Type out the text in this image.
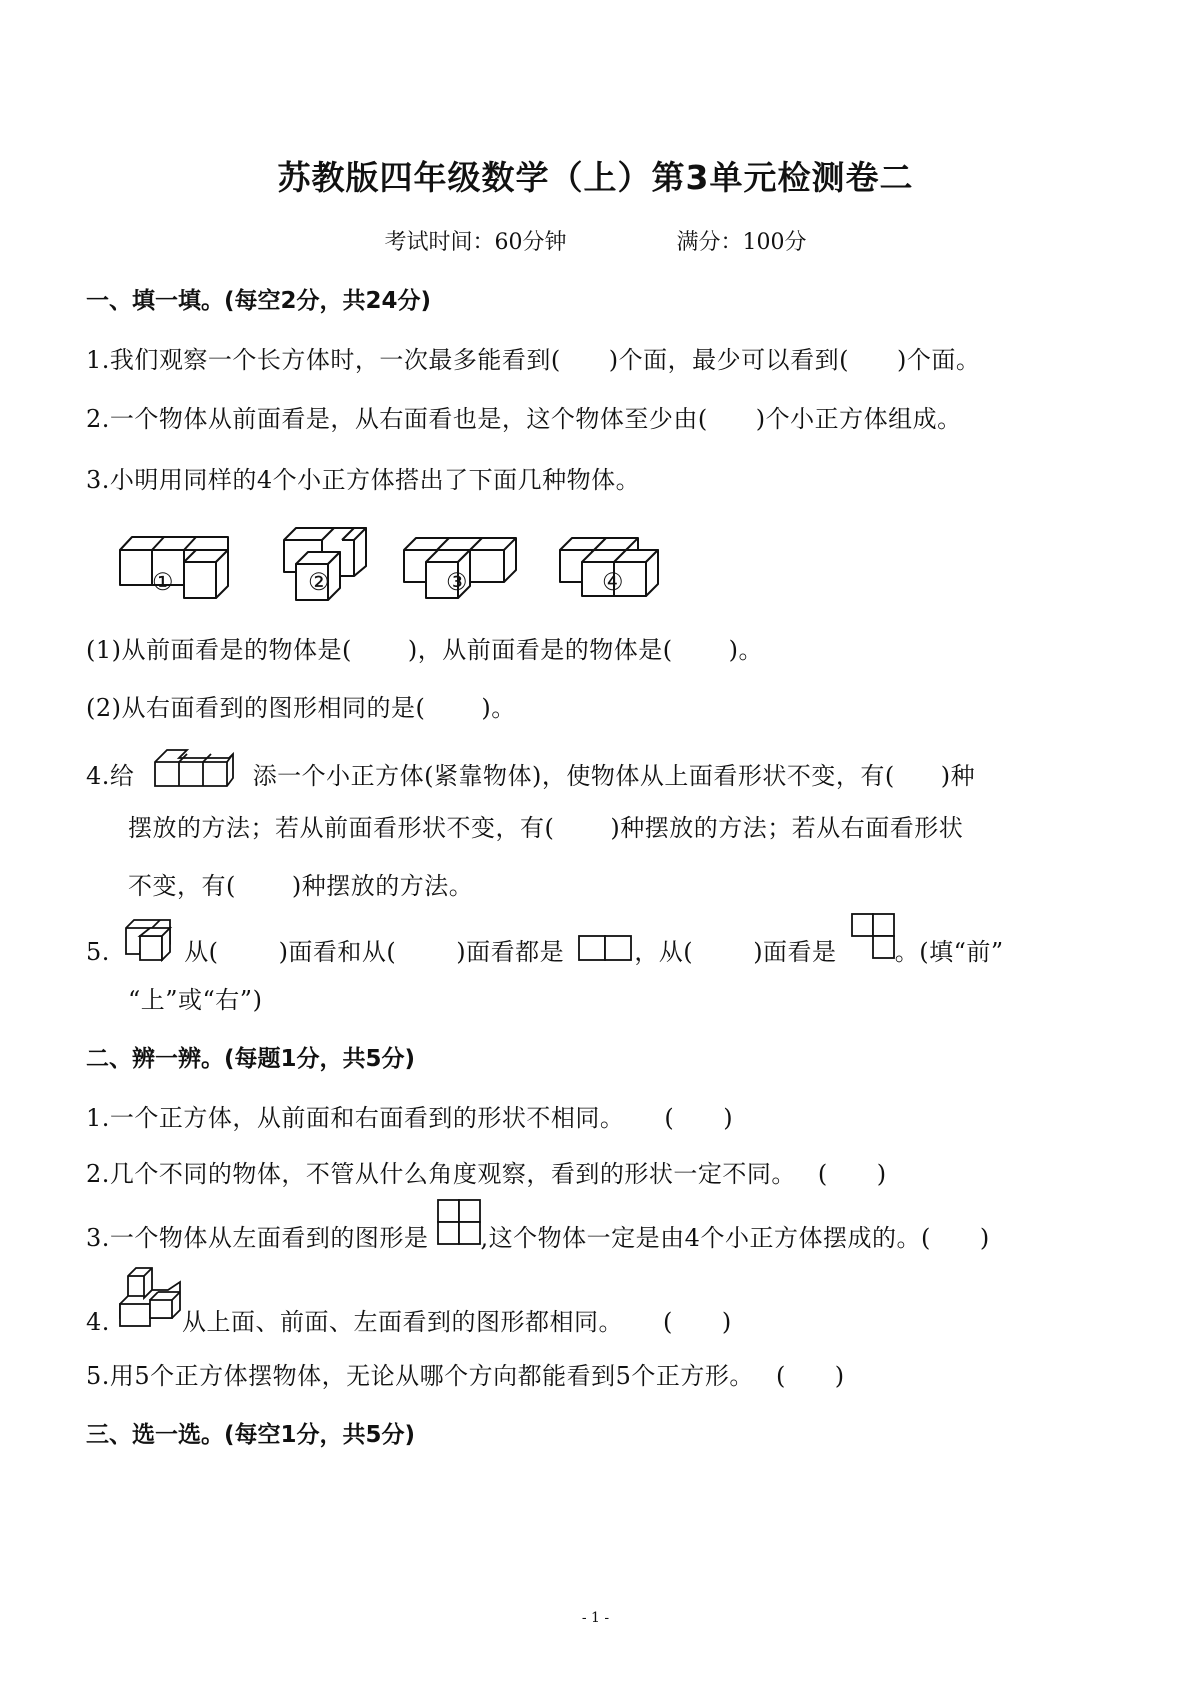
苏教版四年级数学（上）第3单元检测卷二
考试时间：60分钟	满分：100分
一、填一填。(每空2分，共24分)
1.我们观察一个长方体时，一次最多能看到( )个面，最少可以看到( )个面。
2.一个物体从前面看是，从右面看也是，这个物体至少由( )个小正方体组成。
3.小明用同样的4个小正方体搭出了下面几种物体。
①	②	③	④
(1)从前面看是的物体是( )，从前面看是的物体是( )。
(2)从右面看到的图形相同的是( )。
4.给	添一个小正方体(紧靠物体)，使物体从上面看形状不变，有( )种
摆放的方法；若从前面看形状不变，有( )种摆放的方法；若从右面看形状
不变，有( )种摆放的方法。
5.	从(	)面看和从(	)面看都是	，从(	)面看是 。(填“前”
“上”或“右”)
二、辨一辨。(每题1分，共5分)
1.一个正方体，从前面和右面看到的形状不相同。 (　　)
2.几个不同的物体，不管从什么角度观察，看到的形状一定不同。 (　　)
3.一个物体从左面看到的图形是 ,这个物体一定是由4个小正方体摆成的。(　　)
4.	从上面、前面、左面看到的图形都相同。 (　　)
5.用5个正方体摆物体，无论从哪个方向都能看到5个正方形。 (　　)
三、选一选。(每空1分，共5分)
- 1 -
